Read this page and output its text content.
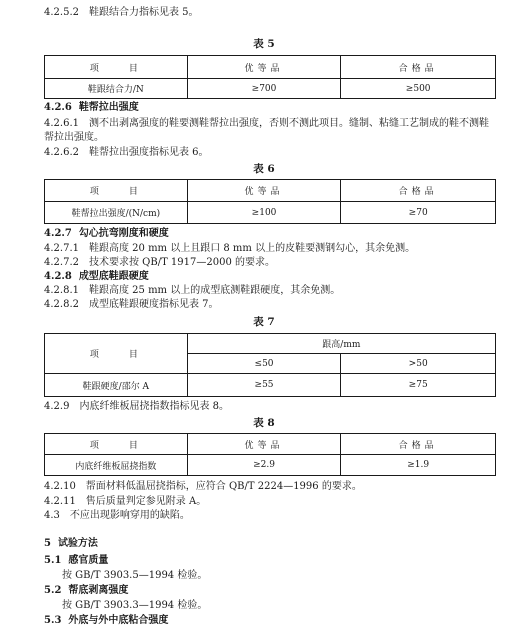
4.2.5.2　鞋跟结合力指标见表 5。
表 5
项　　目	优等品	合格品
鞋跟结合力/N	≥700	≥500
4.2.6 鞋帮拉出强度
4.2.6.1　测不出剥离强度的鞋要测鞋帮拉出强度，否则不测此项目。缝制、粘缝工艺制成的鞋不测鞋
帮拉出强度。
4.2.6.2　鞋帮拉出强度指标见表 6。
表 6
项　　目	优等品	合格品
鞋帮拉出强度/(N/cm)	≥100	≥70
4.2.7 勾心抗弯刚度和硬度
4.2.7.1　鞋跟高度 20 mm 以上且跟口 8 mm 以上的皮鞋要测钢勾心，其余免测。
4.2.7.2　技术要求按 QB/T 1917—2000 的要求。
4.2.8 成型底鞋跟硬度
4.2.8.1　鞋跟高度 25 mm 以上的成型底测鞋跟硬度，其余免测。
4.2.8.2　成型底鞋跟硬度指标见表 7。
表 7
项　　目	跟高/mm	
	≤50	>50
鞋跟硬度/邵尔 A	≥55	≥75
4.2.9　内底纤维板屈挠指数指标见表 8。
表 8
项　　目	优等品	合格品
内底纤维板屈挠指数	≥2.9	≥1.9
4.2.10　帮面材料低温屈挠指标，应符合 QB/T 2224—1996 的要求。
4.2.11　售后质量判定参见附录 A。
4.3　不应出现影响穿用的缺陷。
5 试验方法
5.1 感官质量
按 GB/T 3903.5—1994 检验。
5.2 帮底剥离强度
按 GB/T 3903.3—1994 检验。
5.3 外底与外中底粘合强度
